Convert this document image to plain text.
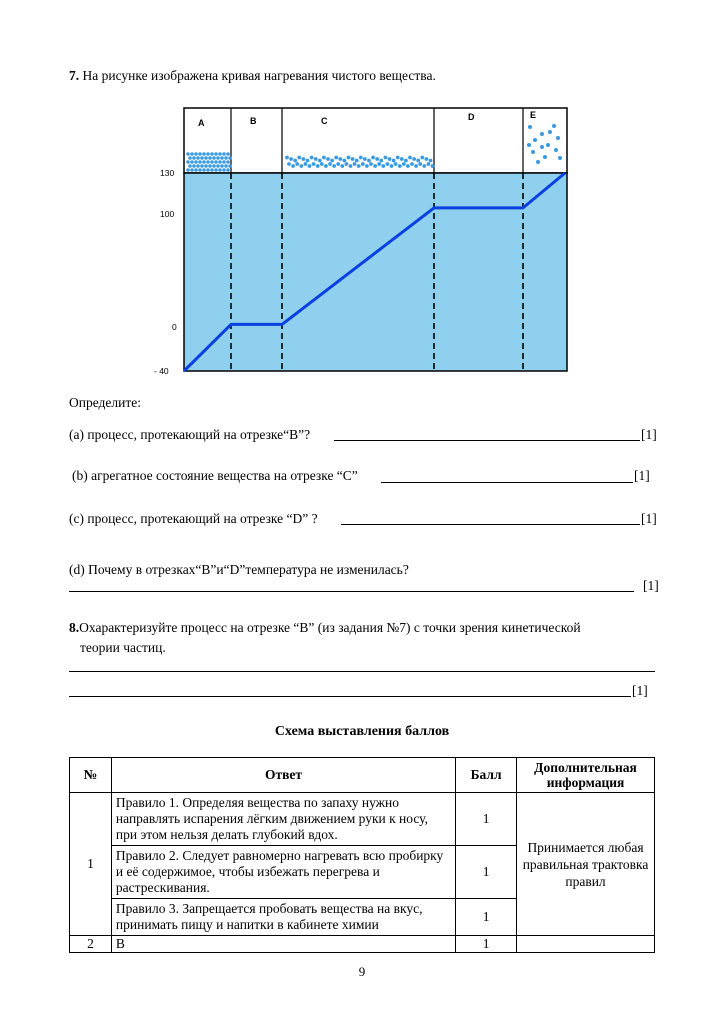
7. На рисунке изображена кривая нагревания чистого вещества.
A	B	C	D	E
130
100
0
- 40
Определите:
(a) процесс, протекающий на отрезке“B”?	[1]
(b) агрегатное состояние вещества на отрезке “C”	[1]
(c) процесс, протекающий на отрезке “D” ?	[1]
(d) Почему в отрезках“B”и“D”температура не изменилась?
[1]
8.Охарактеризуйте процесс на отрезке “B” (из задания №7) с точки зрения кинетической
теории частиц.
[1]
Схема выставления баллов
№	Ответ	Балл	Дополнительная информация
1	Правило 1. Определяя вещества по запаху нужно направлять испарения лёгким движением руки к носу, при этом нельзя делать глубокий вдох.	1	Принимается любая правильная трактовка правил
	Правило 2. Следует равномерно нагревать всю пробирку и её содержимое, чтобы избежать перегрева и растрескивания.	1	
	Правило 3. Запрещается пробовать вещества на вкус, принимать пищу и напитки в кабинете химии	1	
2	B	1	
9
